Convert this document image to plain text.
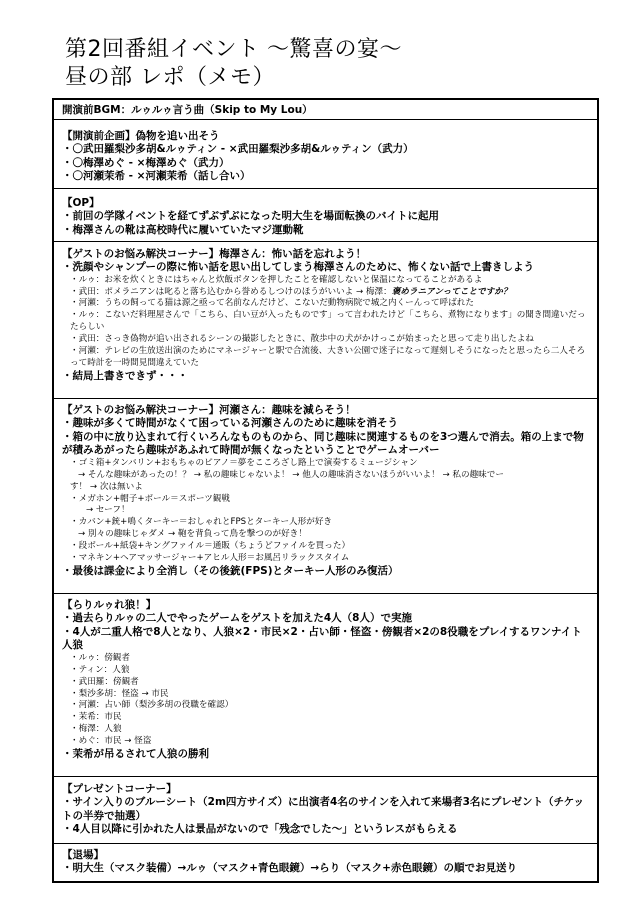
第2回番組イベント ～驚喜の宴～
昼の部 レポ（メモ）
開演前BGM：ルゥルゥ言う曲（Skip to My Lou）
【開演前企画】偽物を追い出そう
・〇武田羅梨沙多胡&ルゥティン - ×武田羅梨沙多胡&ルゥティン（武力）
・〇梅澤めぐ - ×梅澤めぐ（武力）
・〇河瀬茉希 - ×河瀬茉希（話し合い）
【OP】
・前回の学隊イベントを経てずぶずぶになった明大生を場面転換のバイトに起用
・梅澤さんの靴は高校時代に履いていたマジ運動靴
【ゲストのお悩み解決コーナー】梅澤さん：怖い話を忘れよう！
・洗顔やシャンプーの際に怖い話を思い出してしまう梅澤さんのために、怖くない話で上書きしよう
・ルゥ：お米を炊くときにはちゃんと炊飯ボタンを押したことを確認しないと保温になってることがあるよ
・武田：ポメラニアンは叱ると落ち込むから誉めるしつけのほうがいいよ → 梅澤：褒めラニアンってことですか？
・河瀬：うちの飼ってる猫は源之亟って名前なんだけど、こないだ動物病院で城之内くーんって呼ばれた
・ルゥ：こないだ料理屋さんで「こちら、白い豆が入ったものです」って言われたけど「こちら、煮物になります」の聞き間違いだったらしい
・武田：さっき偽物が追い出されるシーンの撮影したときに、散歩中の犬がかけっこが始まったと思って走り出したよね
・河瀬：テレビの生放送出演のためにマネージャーと駅で合流後、大きい公園で迷子になって遅刻しそうになったと思ったら二人そろって時計を一時間見間違えていた
・結局上書きできず・・・
【ゲストのお悩み解決コーナー】河瀬さん：趣味を減らそう！
・趣味が多くて時間がなくて困っている河瀬さんのために趣味を消そう
・箱の中に放り込まれて行くいろんなものものから、同じ趣味に関連するものを3つ選んで消去。箱の上まで物が積みあがったら趣味があふれて時間が無くなったということでゲームオーバー
・ゴミ箱+タンバリン+おもちゃのピアノ＝夢をこころざし路上で演奏するミュージシャン
→ そんな趣味があったの！？ → 私の趣味じゃないよ！ → 他人の趣味消さないほうがいいよ！ → 私の趣味でー
す！ → 次は無いよ
・メガホン+帽子+ボール＝スポーツ観戦
→ セーフ！
・カバン+銃+鳴くターキー＝おしゃれとFPSとターキー人形が好き
→ 別々の趣味じゃダメ → 鞄を背負って鳥を撃つのが好き！
・段ボール+紙袋+キングファイル＝通販（ちょうどファイルを買った）
・マネキン+ヘアマッサージャー+アヒル人形＝お風呂リラックスタイム
・最後は課金により全消し（その後銃(FPS)とターキー人形のみ復活）
【らりルゥれ狼！】
・過去らりルゥの二人でやったゲームをゲストを加えた4人（8人）で実施
・4人が二重人格で8人となり、人狼×2・市民×2・占い師・怪盗・傍観者×2の8役職をプレイするワンナイト人狼
・ルゥ：傍観者
・ティン：人狼
・武田羅：傍観者
・梨沙多胡：怪盗 → 市民
・河瀬：占い師（梨沙多胡の役職を確認）
・茉希：市民
・梅澤：人狼
・めぐ：市民 → 怪盗
・茉希が吊るされて人狼の勝利
【プレゼントコーナー】
・サイン入りのブルーシート（2m四方サイズ）に出演者4名のサインを入れて来場者3名にプレゼント（チケットの半券で抽選）
・4人目以降に引かれた人は景品がないので「残念でした～」というレスがもらえる
【退場】
・明大生（マスク装備）→ルゥ（マスク+青色眼鏡）→らり（マスク+赤色眼鏡）の順でお見送り
